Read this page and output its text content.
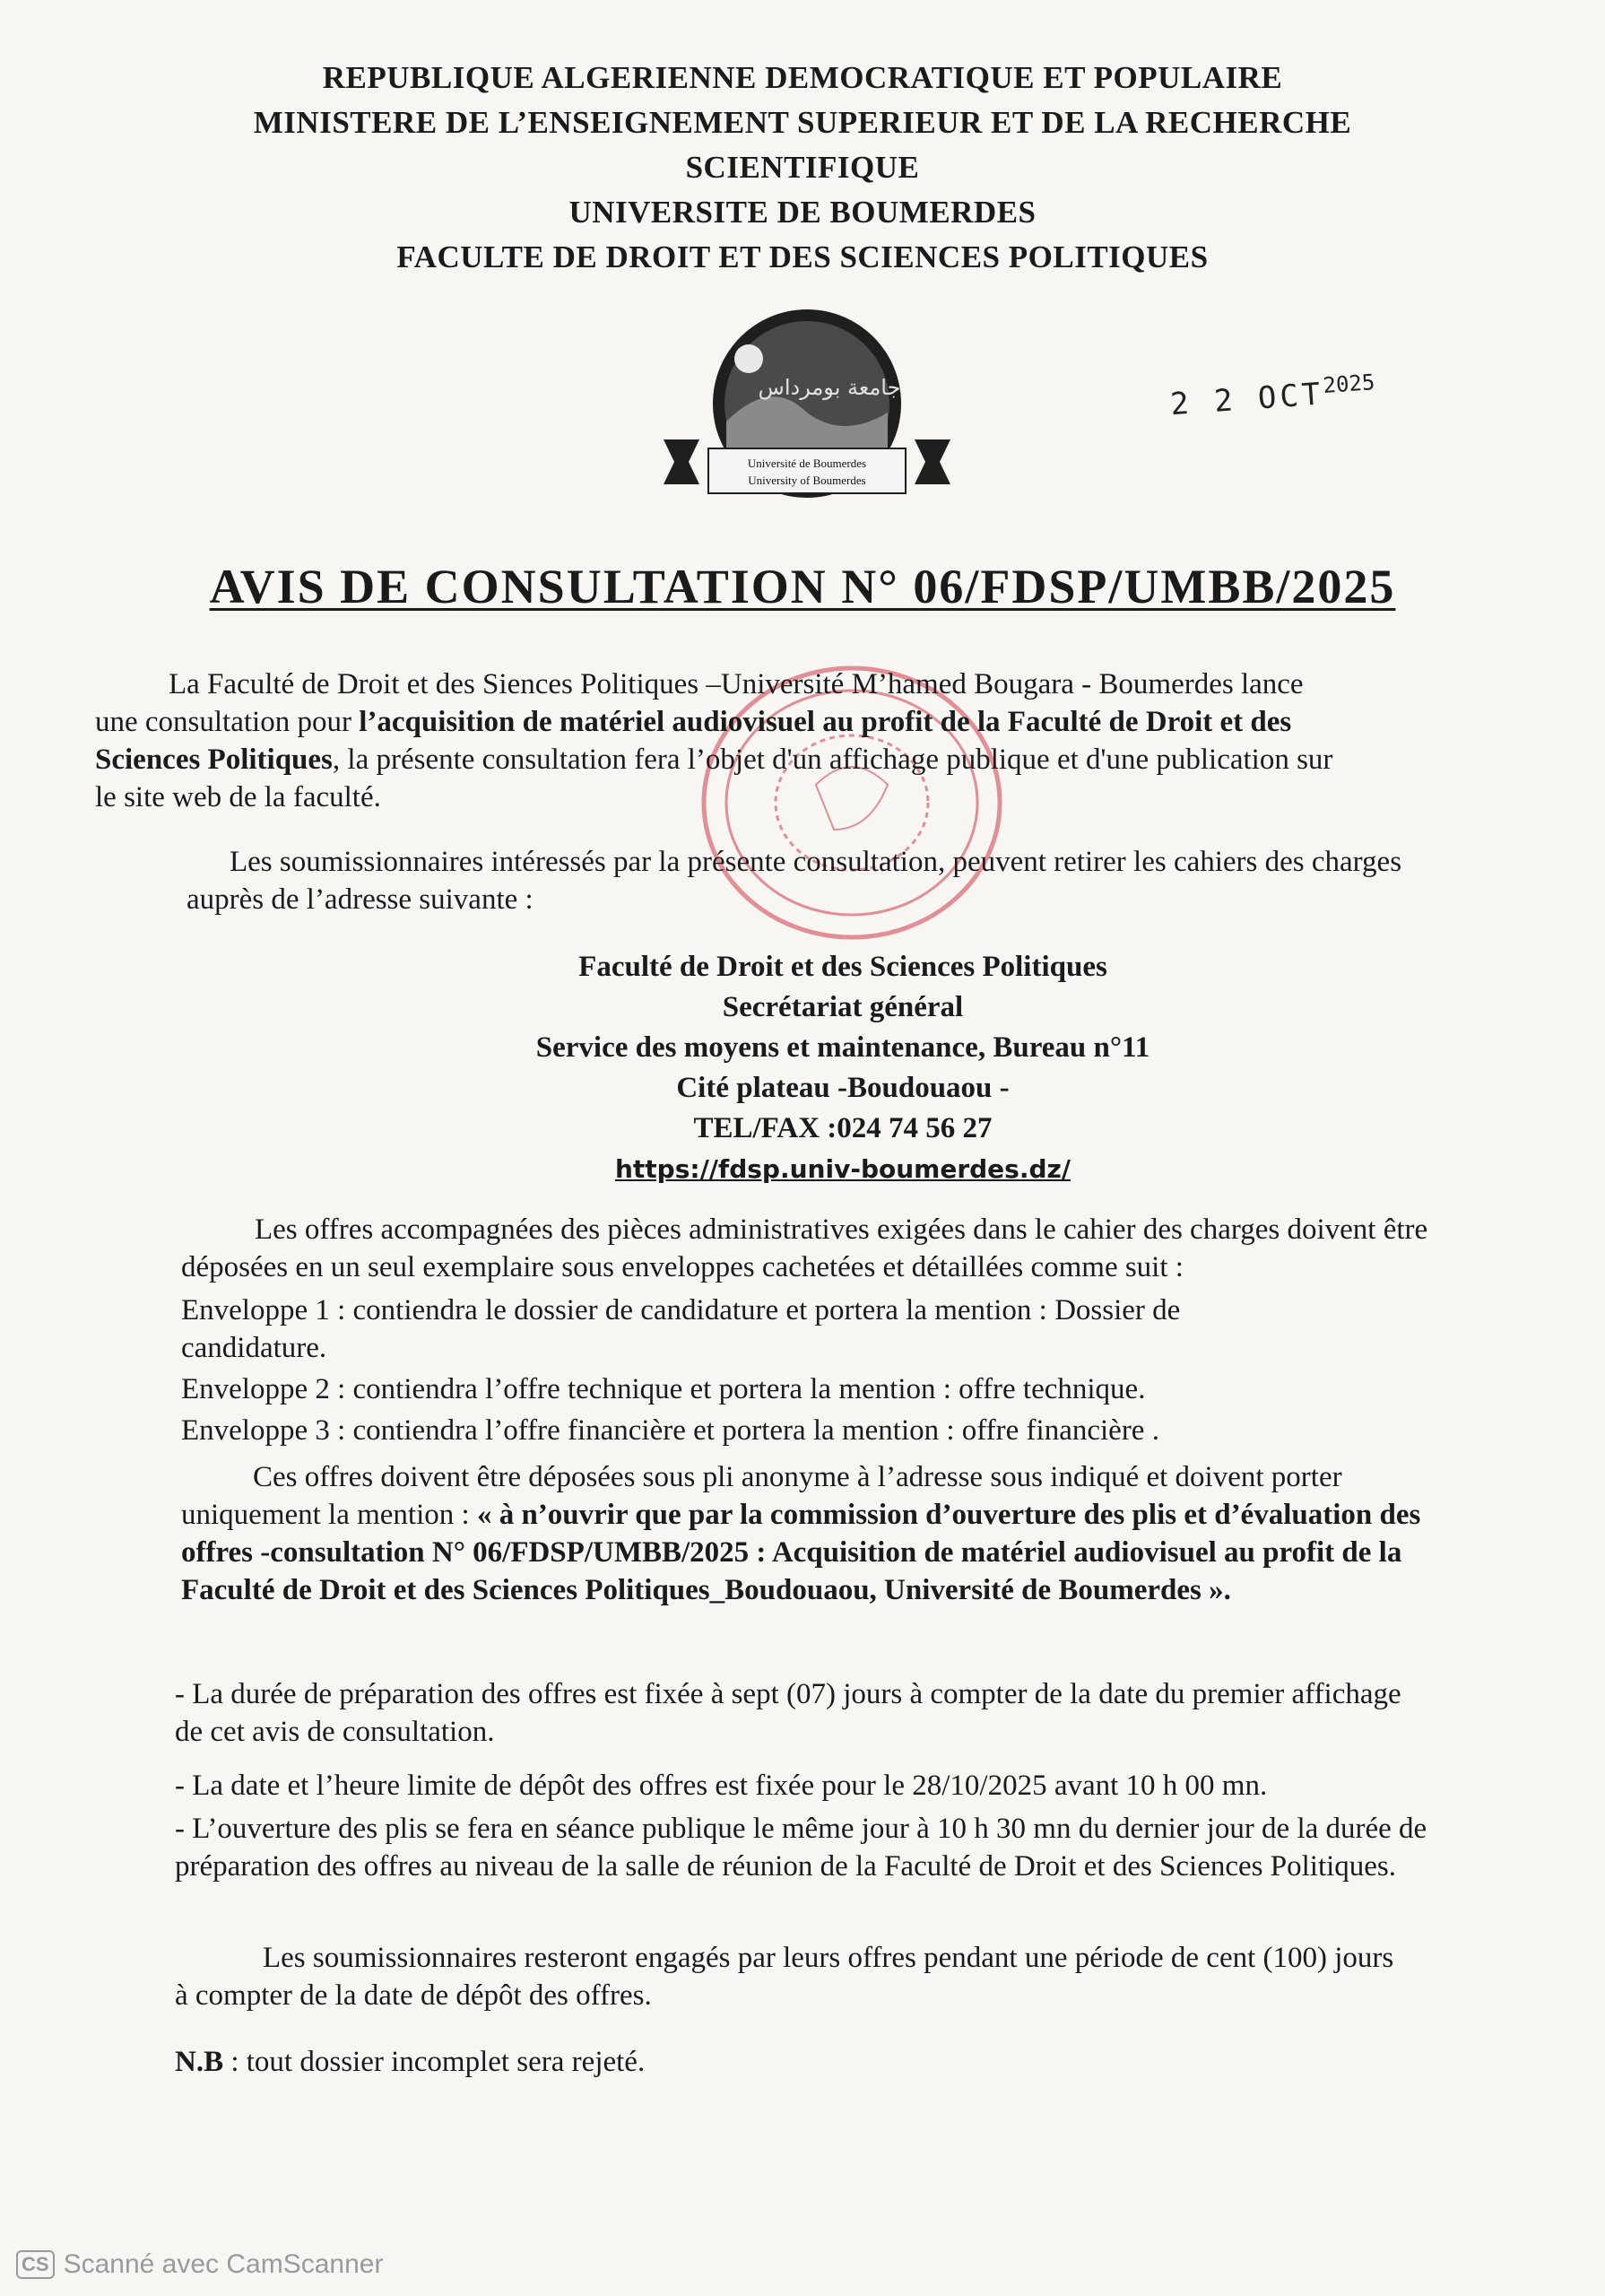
REPUBLIQUE ALGERIENNE DEMOCRATIQUE ET POPULAIRE
MINISTERE DE L’ENSEIGNEMENT SUPERIEUR ET DE LA RECHERCHE
SCIENTIFIQUE
UNIVERSITE DE BOUMERDES
FACULTE DE DROIT ET DES SCIENCES POLITIQUES
جامعة بومرداس
Université de Boumerdes
University of Boumerdes
2 2 $OCT^{2025}$
AVIS DE CONSULTATION N° 06/FDSP/UMBB/2025
La Faculté de Droit et des Siences Politiques –Université M’hamed Bougara - Boumerdes lance une consultation pour l’acquisition de matériel audiovisuel au profit de la Faculté de Droit et des Sciences Politiques, la présente consultation fera l’objet d'un affichage publique et d'une publication sur le site web de la faculté.
Les soumissionnaires intéressés par la présente consultation, peuvent retirer les cahiers des charges auprès de l’adresse suivante :
Faculté de Droit et des Sciences Politiques
Secrétariat général
Service des moyens et maintenance, Bureau n°11
Cité plateau -Boudouaou -
TEL/FAX :024 74 56 27
https://fdsp.univ-boumerdes.dz/
Les offres accompagnées des pièces administratives exigées dans le cahier des charges doivent être déposées en un seul exemplaire sous enveloppes cachetées et détaillées comme suit :
Enveloppe 1 : contiendra le dossier de candidature et portera la mention : Dossier de candidature.
Enveloppe 2 : contiendra l’offre technique et portera la mention : offre technique.
Enveloppe 3 : contiendra l’offre financière et portera la mention : offre financière .
Ces offres doivent être déposées sous pli anonyme à l’adresse sous indiqué et doivent porter uniquement la mention : « à n’ouvrir que par la commission d’ouverture des plis et d’évaluation des offres -consultation N° 06/FDSP/UMBB/2025 : Acquisition de matériel audiovisuel au profit de la Faculté de Droit et des Sciences Politiques_Boudouaou, Université de Boumerdes ».
- La durée de préparation des offres est fixée à sept (07) jours à compter de la date du premier affichage de cet avis de consultation.
- La date et l’heure limite de dépôt des offres est fixée pour le 28/10/2025 avant 10 h 00 mn.
- L’ouverture des plis se fera en séance publique le même jour à 10 h 30 mn du dernier jour de la durée de préparation des offres au niveau de la salle de réunion de la Faculté de Droit et des Sciences Politiques.
Les soumissionnaires resteront engagés par leurs offres pendant une période de cent (100) jours à compter de la date de dépôt des offres.
N.B : tout dossier incomplet sera rejeté.
CS Scanné avec CamScanner
